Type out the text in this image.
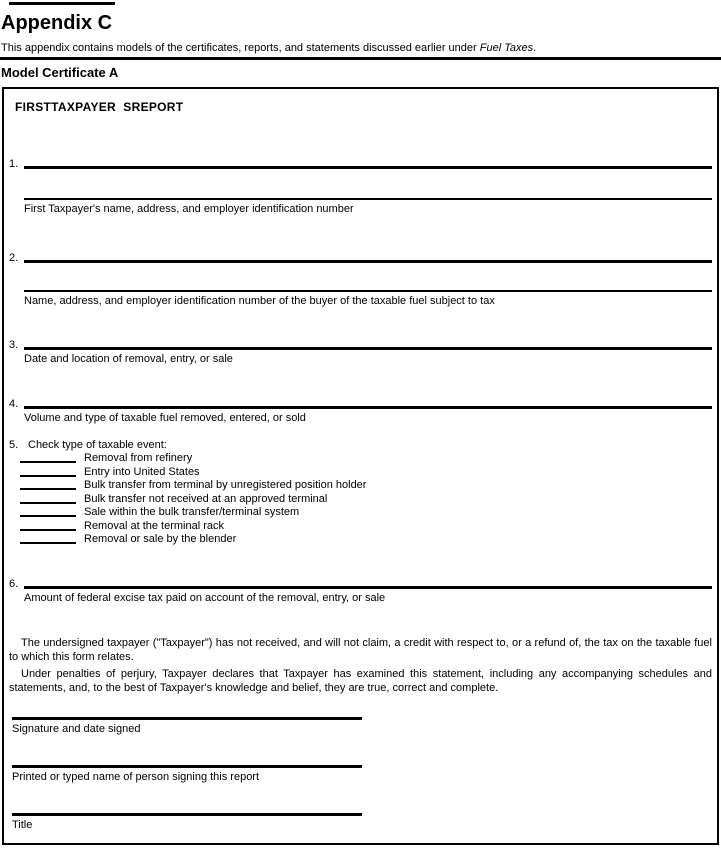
Appendix C

This appendix contains models of the certificates, reports, and statements discussed earlier under Fuel Taxes.

Model Certificate A
FIRSTTAXPAYER  SREPORT
1.
First Taxpayer's name, address, and employer identification number
2.
Name, address, and employer identification number of the buyer of the taxable fuel subject to tax
3.
Date and location of removal, entry, or sale
4.
Volume and type of taxable fuel removed, entered, or sold
5. Check type of taxable event:
Removal from refinery
Entry into United States
Bulk transfer from terminal by unregistered position holder
Bulk transfer not received at an approved terminal
Sale within the bulk transfer/terminal system
Removal at the terminal rack
Removal or sale by the blender
6.
Amount of federal excise tax paid on account of the removal, entry, or sale

The undersigned taxpayer ("Taxpayer") has not received, and will not claim, a credit with respect to, or a refund of, the tax on the taxable fuel to which this form relates.

Under penalties of perjury, Taxpayer declares that Taxpayer has examined this statement, including any accompanying schedules and statements, and, to the best of Taxpayer's knowledge and belief, they are true, correct and complete.

Signature and date signed
Printed or typed name of person signing this report
Title
